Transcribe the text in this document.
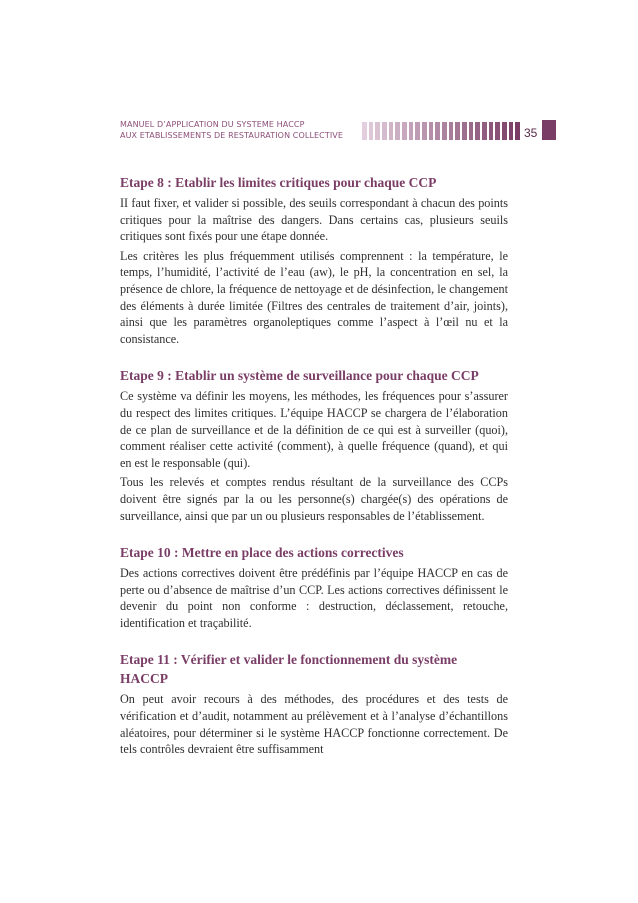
MANUEL D’APPLICATION DU SYSTEME HACCP
AUX ETABLISSEMENTS DE RESTAURATION COLLECTIVE	35
Etape 8 : Etablir les limites critiques pour chaque CCP

II faut fixer, et valider si possible, des seuils correspondant à chacun des points critiques pour la maîtrise des dangers. Dans certains cas, plusieurs seuils critiques sont fixés pour une étape donnée.

Les critères les plus fréquemment utilisés comprennent : la température, le temps, l’humidité, l’activité de l’eau (aw), le pH, la concentration en sel, la présence de chlore, la fréquence de nettoyage et de désinfection, le changement des éléments à durée limitée (Filtres des centrales de traitement d’air, joints), ainsi que les paramètres organoleptiques comme l’aspect à l’œil nu et la consistance.

Etape 9 : Etablir un système de surveillance pour chaque CCP

Ce système va définir les moyens, les méthodes, les fréquences pour s’assurer du respect des limites critiques. L’équipe HACCP se chargera de l’élaboration de ce plan de surveillance et de la définition de ce qui est à surveiller (quoi), comment réaliser cette activité (comment), à quelle fréquence (quand), et qui en est le responsable (qui).

Tous les relevés et comptes rendus résultant de la surveillance des CCPs doivent être signés par la ou les personne(s) chargée(s) des opérations de surveillance, ainsi que par un ou plusieurs responsables de l’établissement.

Etape 10 : Mettre en place des actions correctives

Des actions correctives doivent être prédéfinis par l’équipe HACCP en cas de perte ou d’absence de maîtrise d’un CCP. Les actions correctives définissent le devenir du point non conforme : destruction, déclassement, retouche, identification et traçabilité.

Etape 11 : Vérifier et valider le fonctionnement du système HACCP

On peut avoir recours à des méthodes, des procédures et des tests de vérification et d’audit, notamment au prélèvement et à l’analyse d’échantillons aléatoires, pour déterminer si le système HACCP fonctionne correctement. De tels contrôles devraient être suffisamment
